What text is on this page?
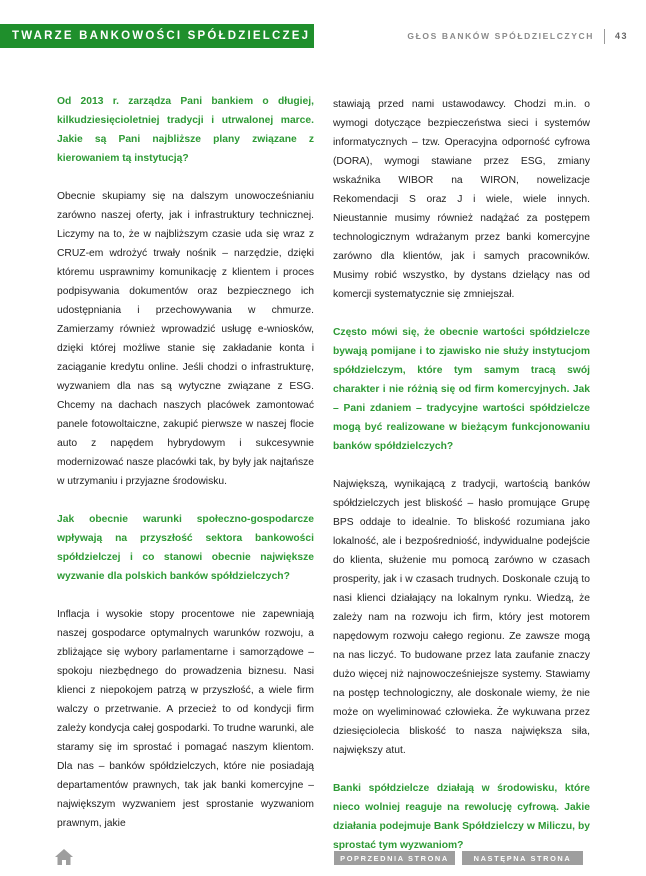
TWARZE BANKOWOŚCI SPÓŁDZIELCZEJ	GŁOS BANKÓW SPÓŁDZIELCZYCH 43

Od 2013 r. zarządza Pani bankiem o długiej, kilkudziesięcioletniej tradycji i utrwalonej marce. Jakie są Pani najbliższe plany związane z kierowaniem tą instytucją?

Obecnie skupiamy się na dalszym unowocześnianiu zarówno naszej oferty, jak i infrastruktury technicznej. Liczymy na to, że w najbliższym czasie uda się wraz z CRUZ-em wdrożyć trwały nośnik – narzędzie, dzięki któremu usprawnimy komunikację z klientem i proces podpisywania dokumentów oraz bezpiecznego ich udostępniania i przechowywania w chmurze. Zamierzamy również wprowadzić usługę e-wniosków, dzięki której możliwe stanie się zakładanie konta i zaciąganie kredytu online. Jeśli chodzi o infrastrukturę, wyzwaniem dla nas są wytyczne związane z ESG. Chcemy na dachach naszych placówek zamontować panele fotowoltaiczne, zakupić pierwsze w naszej flocie auto z napędem hybrydowym i sukcesywnie modernizować nasze placówki tak, by były jak najtańsze w utrzymaniu i przyjazne środowisku.

Jak obecnie warunki społeczno-gospodarcze wpływają na przyszłość sektora bankowości spółdzielczej i co stanowi obecnie największe wyzwanie dla polskich banków spółdzielczych?

Inflacja i wysokie stopy procentowe nie zapewniają naszej gospodarce optymalnych warunków rozwoju, a zbliżające się wybory parlamentarne i samorządowe – spokoju niezbędnego do prowadzenia biznesu. Nasi klienci z niepokojem patrzą w przyszłość, a wiele firm walczy o przetrwanie. A przecież to od kondycji firm zależy kondycja całej gospodarki. To trudne warunki, ale staramy się im sprostać i pomagać naszym klientom. Dla nas – banków spółdzielczych, które nie posiadają departamentów prawnych, tak jak banki komercyjne – największym wyzwaniem jest sprostanie wyzwaniom prawnym, jakie

stawiają przed nami ustawodawcy. Chodzi m.in. o wymogi dotyczące bezpieczeństwa sieci i systemów informatycznych – tzw. Operacyjna odporność cyfrowa (DORA), wymogi stawiane przez ESG, zmiany wskaźnika WIBOR na WIRON, nowelizacje Rekomendacji S oraz J i wiele, wiele innych. Nieustannie musimy również nadążać za postępem technologicznym wdrażanym przez banki komercyjne zarówno dla klientów, jak i samych pracowników. Musimy robić wszystko, by dystans dzielący nas od komercji systematycznie się zmniejszał.

Często mówi się, że obecnie wartości spółdzielcze bywają pomijane i to zjawisko nie służy instytucjom spółdzielczym, które tym samym tracą swój charakter i nie różnią się od firm komercyjnych. Jak – Pani zdaniem – tradycyjne wartości spółdzielcze mogą być realizowane w bieżącym funkcjonowaniu banków spółdzielczych?

Największą, wynikającą z tradycji, wartością banków spółdzielczych jest bliskość – hasło promujące Grupę BPS oddaje to idealnie. To bliskość rozumiana jako lokalność, ale i bezpośredniość, indywidualne podejście do klienta, służenie mu pomocą zarówno w czasach prosperity, jak i w czasach trudnych. Doskonale czują to nasi klienci działający na lokalnym rynku. Wiedzą, że zależy nam na rozwoju ich firm, który jest motorem napędowym rozwoju całego regionu. Ze zawsze mogą na nas liczyć. To budowane przez lata zaufanie znaczy dużo więcej niż najnowocześniejsze systemy. Stawiamy na postęp technologiczny, ale doskonale wiemy, że nie może on wyeliminować człowieka. Że wykuwana przez dziesięciolecia bliskość to nasza największa siła, największy atut.

Banki spółdzielcze działają w środowisku, które nieco wolniej reaguje na rewolucję cyfrową. Jakie działania podejmuje Bank Spółdzielczy w Miliczu, by sprostać tym wyzwaniom?

POPRZEDNIA STRONA	NASTĘPNA STRONA
